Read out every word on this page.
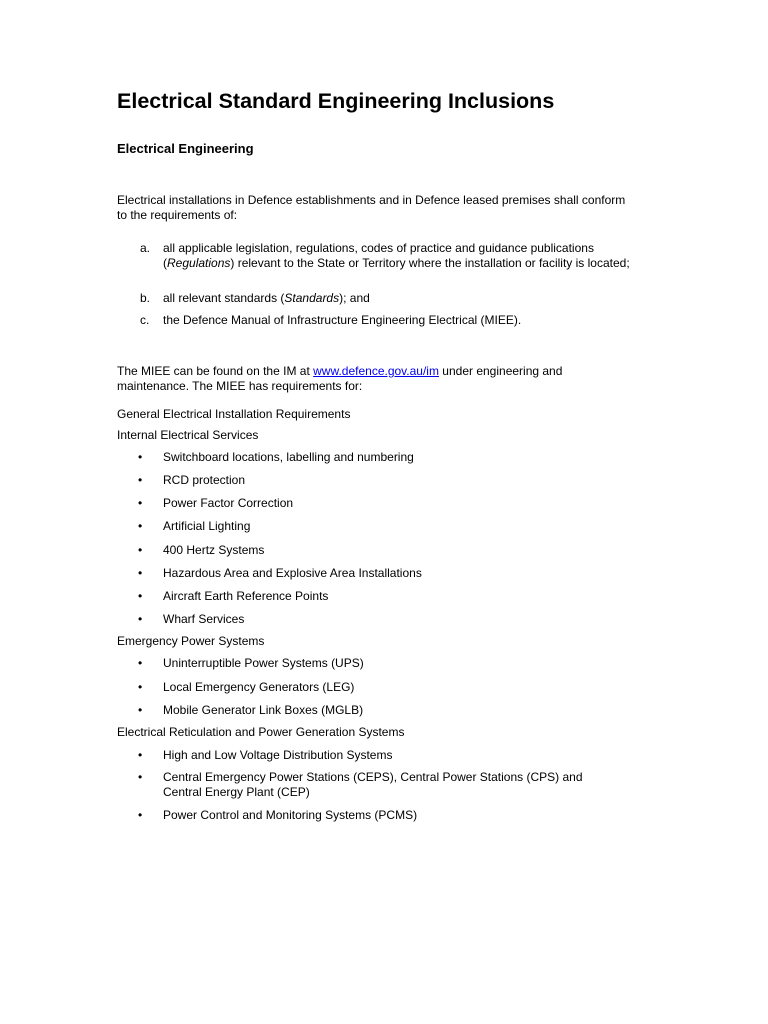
Electrical Standard Engineering Inclusions
Electrical Engineering

Electrical installations in Defence establishments and in Defence leased premises shall conform to the requirements of:

a. all applicable legislation, regulations, codes of practice and guidance publications (Regulations) relevant to the State or Territory where the installation or facility is located;
b. all relevant standards (Standards); and
c. the Defence Manual of Infrastructure Engineering Electrical (MIEE).

The MIEE can be found on the IM at www.defence.gov.au/im under engineering and maintenance. The MIEE has requirements for:

General Electrical Installation Requirements

Internal Electrical Services

• Switchboard locations, labelling and numbering
• RCD protection
• Power Factor Correction
• Artificial Lighting
• 400 Hertz Systems
• Hazardous Area and Explosive Area Installations
• Aircraft Earth Reference Points
• Wharf Services

Emergency Power Systems

• Uninterruptible Power Systems (UPS)
• Local Emergency Generators (LEG)
• Mobile Generator Link Boxes (MGLB)

Electrical Reticulation and Power Generation Systems

• High and Low Voltage Distribution Systems
• Central Emergency Power Stations (CEPS), Central Power Stations (CPS) and Central Energy Plant (CEP)
• Power Control and Monitoring Systems (PCMS)
